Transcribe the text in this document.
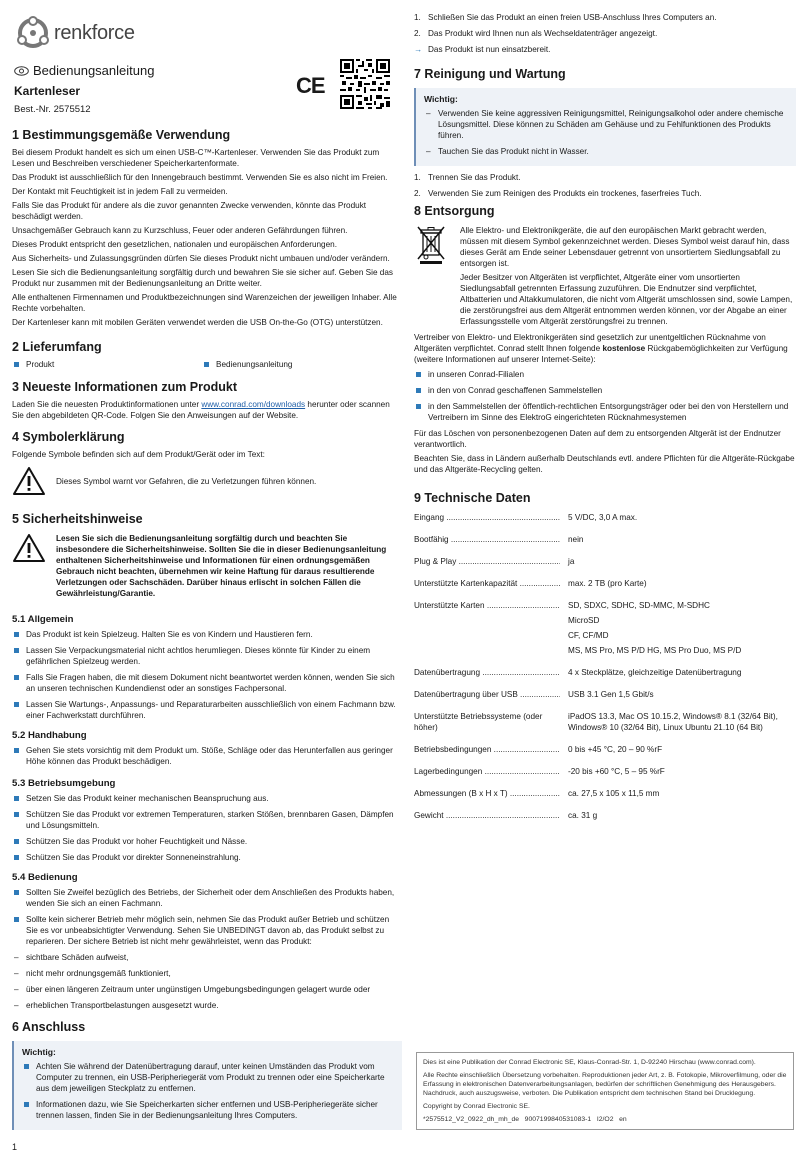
renkforce
Bedienungsanleitung
Kartenleser
Best.-Nr. 2575512
CE
1 Bestimmungsgemäße Verwendung

Bei diesem Produkt handelt es sich um einen USB-C™-Kartenleser. Verwenden Sie das Produkt zum Lesen und Beschreiben verschiedener Speicherkartenformate.

Das Produkt ist ausschließlich für den Innengebrauch bestimmt. Verwenden Sie es also nicht im Freien.

Der Kontakt mit Feuchtigkeit ist in jedem Fall zu vermeiden.

Falls Sie das Produkt für andere als die zuvor genannten Zwecke verwenden, könnte das Produkt beschädigt werden.

Unsachgemäßer Gebrauch kann zu Kurzschluss, Feuer oder anderen Gefährdungen führen.

Dieses Produkt entspricht den gesetzlichen, nationalen und europäischen Anforderungen.

Aus Sicherheits- und Zulassungsgründen dürfen Sie dieses Produkt nicht umbauen und/oder verändern.

Lesen Sie sich die Bedienungsanleitung sorgfältig durch und bewahren Sie sie sicher auf. Geben Sie das Produkt nur zusammen mit der Bedienungsanleitung an Dritte weiter.

Alle enthaltenen Firmennamen und Produktbezeichnungen sind Warenzeichen der jeweiligen Inhaber. Alle Rechte vorbehalten.

Der Kartenleser kann mit mobilen Geräten verwendet werden die USB On-the-Go (OTG) unterstützen.

2 Lieferumfang
Produkt	Bedienungsanleitung
3 Neueste Informationen zum Produkt

Laden Sie die neuesten Produktinformationen unter www.conrad.com/downloads herunter oder scannen Sie den abgebildeten QR-Code. Folgen Sie den Anweisungen auf der Website.

4 Symbolerklärung

Folgende Symbole befinden sich auf dem Produkt/Gerät oder im Text:

Dieses Symbol warnt vor Gefahren, die zu Verletzungen führen können.

5 Sicherheitshinweise

Lesen Sie sich die Bedienungsanleitung sorgfältig durch und beachten Sie insbesondere die Sicherheitshinweise. Sollten Sie die in dieser Bedienungsanleitung enthaltenen Sicherheitshinweise und Informationen für einen ordnungsgemäßen Gebrauch nicht beachten, übernehmen wir keine Haftung für daraus resultierende Verletzungen oder Sachschäden. Darüber hinaus erlischt in solchen Fällen die Gewährleistung/Garantie.

5.1 Allgemein
Das Produkt ist kein Spielzeug. Halten Sie es von Kindern und Haustieren fern.
Lassen Sie Verpackungsmaterial nicht achtlos herumliegen. Dieses könnte für Kinder zu einem gefährlichen Spielzeug werden.
Falls Sie Fragen haben, die mit diesem Dokument nicht beantwortet werden können, wenden Sie sich an unseren technischen Kundendienst oder an sonstiges Fachpersonal.
Lassen Sie Wartungs-, Anpassungs- und Reparaturarbeiten ausschließlich von einem Fachmann bzw. einer Fachwerkstatt durchführen.
5.2 Handhabung
Gehen Sie stets vorsichtig mit dem Produkt um. Stöße, Schläge oder das Herunterfallen aus geringer Höhe können das Produkt beschädigen.
5.3 Betriebsumgebung
Setzen Sie das Produkt keiner mechanischen Beanspruchung aus.
Schützen Sie das Produkt vor extremen Temperaturen, starken Stößen, brennbaren Gasen, Dämpfen und Lösungsmitteln.
Schützen Sie das Produkt vor hoher Feuchtigkeit und Nässe.
Schützen Sie das Produkt vor direkter Sonneneinstrahlung.
5.4 Bedienung
Sollten Sie Zweifel bezüglich des Betriebs, der Sicherheit oder dem Anschließen des Produkts haben, wenden Sie sich an einen Fachmann.
Sollte kein sicherer Betrieb mehr möglich sein, nehmen Sie das Produkt außer Betrieb und schützen Sie es vor unbeabsichtigter Verwendung. Sehen Sie UNBEDINGT davon ab, das Produkt selbst zu reparieren. Der sichere Betrieb ist nicht mehr gewährleistet, wenn das Produkt:
– sichtbare Schäden aufweist,
– nicht mehr ordnungsgemäß funktioniert,
– über einen längeren Zeitraum unter ungünstigen Umgebungsbedingungen gelagert wurde oder
– erheblichen Transportbelastungen ausgesetzt wurde.
6 Anschluss
Wichtig:
Achten Sie während der Datenübertragung darauf, unter keinen Umständen das Produkt vom Computer zu trennen, ein USB-Peripheriegerät vom Produkt zu trennen oder eine Speicherkarte aus dem jeweiligen Steckplatz zu entfernen.
Informationen dazu, wie Sie Speicherkarten sicher entfernen und USB-Peripheriegeräte sicher trennen lassen, finden Sie in der Bedienungsanleitung Ihres Computers.
1
1. Schließen Sie das Produkt an einen freien USB-Anschluss Ihres Computers an.
2. Das Produkt wird Ihnen nun als Wechseldatenträger angezeigt.
→ Das Produkt ist nun einsatzbereit.
7 Reinigung und Wartung
Wichtig:
– Verwenden Sie keine aggressiven Reinigungsmittel, Reinigungsalkohol oder andere chemische Lösungsmittel. Diese können zu Schäden am Gehäuse und zu Fehlfunktionen des Produkts führen.
– Tauchen Sie das Produkt nicht in Wasser.
1. Trennen Sie das Produkt.
2. Verwenden Sie zum Reinigen des Produkts ein trockenes, faserfreies Tuch.
8 Entsorgung

Alle Elektro- und Elektronikgeräte, die auf den europäischen Markt gebracht werden, müssen mit diesem Symbol gekennzeichnet werden. Dieses Symbol weist darauf hin, dass dieses Gerät am Ende seiner Lebensdauer getrennt von unsortiertem Siedlungsabfall zu entsorgen ist.

Jeder Besitzer von Altgeräten ist verpflichtet, Altgeräte einer vom unsortierten Siedlungsabfall getrennten Erfassung zuzuführen. Die Endnutzer sind verpflichtet, Altbatterien und Altakkumulatoren, die nicht vom Altgerät umschlossen sind, sowie Lampen, die zerstörungsfrei aus dem Altgerät entnommen werden können, vor der Abgabe an einer Erfassungsstelle vom Altgerät zerstörungsfrei zu trennen.

Vertreiber von Elektro- und Elektronikgeräten sind gesetzlich zur unentgeltlichen Rücknahme von Altgeräten verpflichtet. Conrad stellt Ihnen folgende kostenlose Rückgabemöglichkeiten zur Verfügung (weitere Informationen auf unserer Internet-Seite):

in unseren Conrad-Filialen
in den von Conrad geschaffenen Sammelstellen
in den Sammelstellen der öffentlich-rechtlichen Entsorgungsträger oder bei den von Herstellern und Vertreibern im Sinne des ElektroG eingerichteten Rücknahmesystemen

Für das Löschen von personenbezogenen Daten auf dem zu entsorgenden Altgerät ist der Endnutzer verantwortlich.

Beachten Sie, dass in Ländern außerhalb Deutschlands evtl. andere Pflichten für die Altgeräte-Rückgabe und das Altgeräte-Recycling gelten.

9 Technische Daten
Eingang .....	5 V/DC, 3,0 A max.
Bootfähig .....	nein
Plug & Play .....	ja
Unterstützte Kartenkapazität .....	max. 2 TB (pro Karte)
Unterstützte Karten .....	SD, SDXC, SDHC, SD-MMC, M-SDHC
MicroSD
CF, CF/MD
MS, MS Pro, MS P/D HG, MS Pro Duo, MS P/D
Datenübertragung .....	4 x Steckplätze, gleichzeitige Datenübertragung
Datenübertragung über USB .....	USB 3.1 Gen 1,5 Gbit/s
Unterstützte Betriebssysteme (oder höher)
iPadOS 13.3, Mac OS 10.15.2, Windows® 8.1 (32/64 Bit), Windows® 10 (32/64 Bit), Linux Ubuntu 21.10 (64 Bit)
Betriebsbedingungen .....	0 bis +45 °C, 20 – 90 %rF
Lagerbedingungen .....	-20 bis +60 °C, 5 – 95 %rF
Abmessungen (B x H x T) .....	ca. 27,5 x 105 x 11,5 mm
Gewicht .....	ca. 31 g
Dies ist eine Publikation der Conrad Electronic SE, Klaus-Conrad-Str. 1, D-92240 Hirschau (www.conrad.com).
Alle Rechte einschließlich Übersetzung vorbehalten. Reproduktionen jeder Art, z. B. Fotokopie, Mikroverfilmung, oder die Erfassung in elektronischen Datenverarbeitungsanlagen, bedürfen der schriftlichen Genehmigung des Herausgebers. Nachdruck, auch auszugsweise, verboten. Die Publikation entspricht dem technischen Stand bei Drucklegung.
Copyright by Conrad Electronic SE.
*2575512_V2_0922_dh_mh_de   9007199840531083-1   I2/O2   en
